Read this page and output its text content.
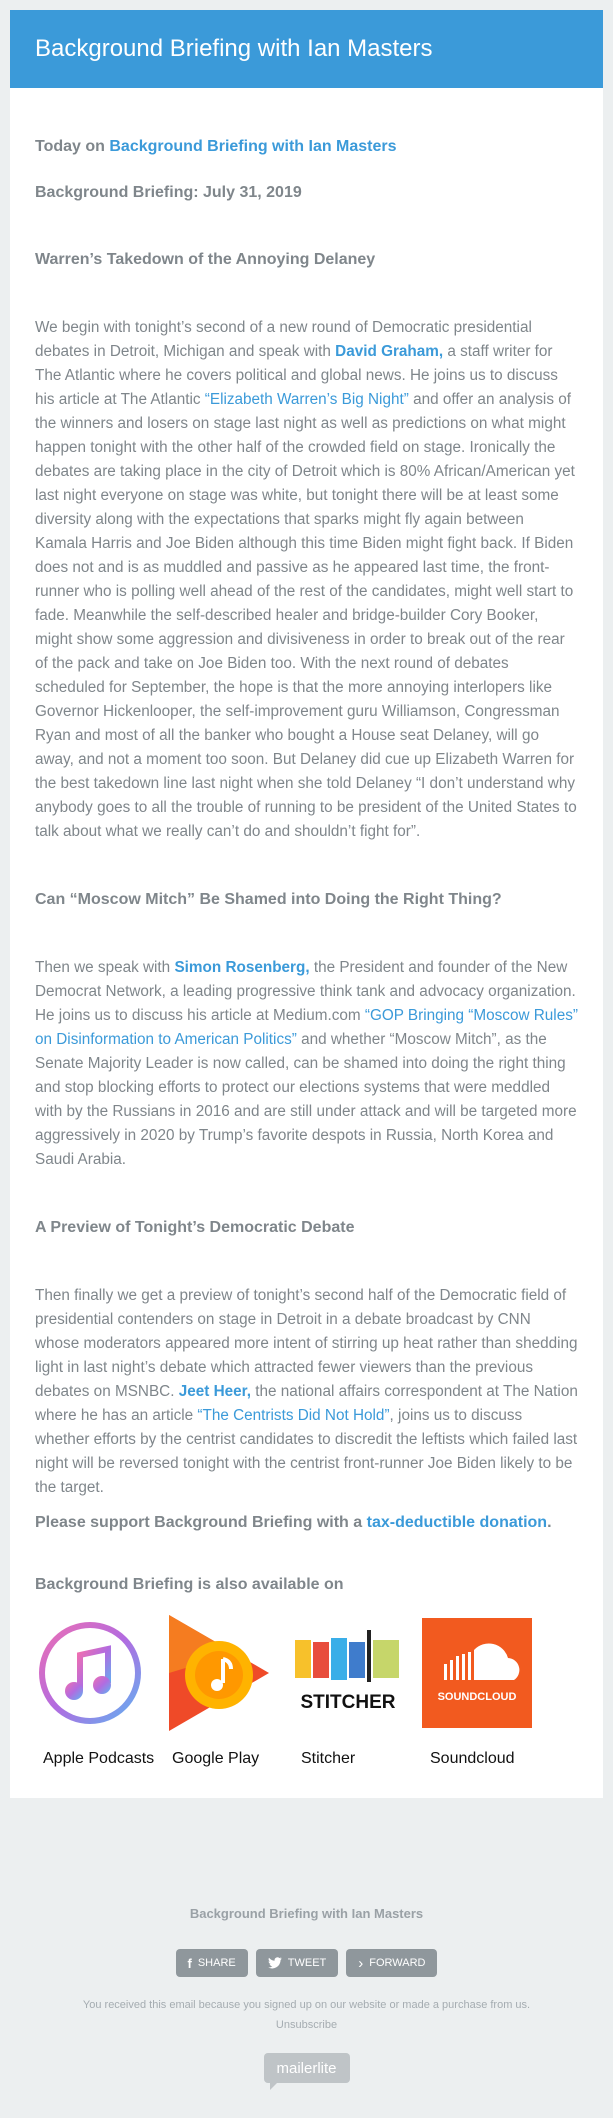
Background Briefing with Ian Masters
Today on Background Briefing with Ian Masters
Background Briefing: July 31, 2019
Warren’s Takedown of the Annoying Delaney

We begin with tonight’s second of a new round of Democratic presidential debates in Detroit, Michigan and speak with David Graham, a staff writer for The Atlantic where he covers political and global news. He joins us to discuss his article at The Atlantic “Elizabeth Warren’s Big Night” and offer an analysis of the winners and losers on stage last night as well as predictions on what might happen tonight with the other half of the crowded field on stage. Ironically the debates are taking place in the city of Detroit which is 80% African/American yet last night everyone on stage was white, but tonight there will be at least some diversity along with the expectations that sparks might fly again between Kamala Harris and Joe Biden although this time Biden might fight back. If Biden does not and is as muddled and passive as he appeared last time, the front-runner who is polling well ahead of the rest of the candidates, might well start to fade. Meanwhile the self-described healer and bridge-builder Cory Booker, might show some aggression and divisiveness in order to break out of the rear of the pack and take on Joe Biden too. With the next round of debates scheduled for September, the hope is that the more annoying interlopers like Governor Hickenlooper, the self-improvement guru Williamson, Congressman Ryan and most of all the banker who bought a House seat Delaney, will go away, and not a moment too soon. But Delaney did cue up Elizabeth Warren for the best takedown line last night when she told Delaney “I don’t understand why anybody goes to all the trouble of running to be president of the United States to talk about what we really can’t do and shouldn’t fight for”.

Can “Moscow Mitch” Be Shamed into Doing the Right Thing?

Then we speak with Simon Rosenberg, the President and founder of the New Democrat Network, a leading progressive think tank and advocacy organization. He joins us to discuss his article at Medium.com “GOP Bringing “Moscow Rules” on Disinformation to American Politics” and whether “Moscow Mitch”, as the Senate Majority Leader is now called, can be shamed into doing the right thing and stop blocking efforts to protect our elections systems that were meddled with by the Russians in 2016 and are still under attack and will be targeted more aggressively in 2020 by Trump’s favorite despots in Russia, North Korea and Saudi Arabia.

A Preview of Tonight’s Democratic Debate

Then finally we get a preview of tonight’s second half of the Democratic field of presidential contenders on stage in Detroit in a debate broadcast by CNN whose moderators appeared more intent of stirring up heat rather than shedding light in last night’s debate which attracted fewer viewers than the previous debates on MSNBC. Jeet Heer, the national affairs correspondent at The Nation where he has an article “The Centrists Did Not Hold”, joins us to discuss whether efforts by the centrist candidates to discredit the leftists which failed last night will be reversed tonight with the centrist front-runner Joe Biden likely to be the target.

Please support Background Briefing with a tax-deductible donation.
Background Briefing is also available on
Apple Podcasts	Google Play
STITCHER
Stitcher
SOUNDCLOUD
Soundcloud
Background Briefing with Ian Masters
f SHARE	TWEET › FORWARD
You received this email because you signed up on our website or made a purchase from us.
Unsubscribe
mailerlite
